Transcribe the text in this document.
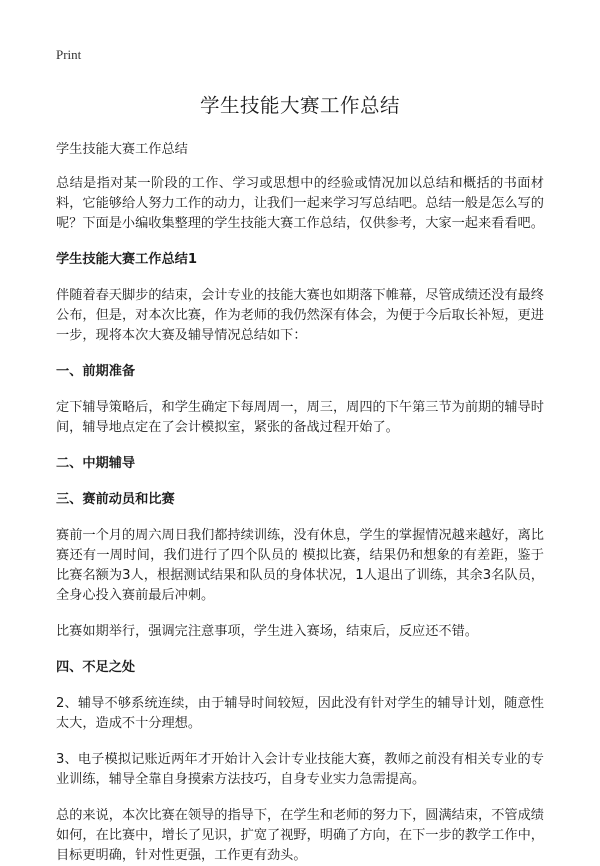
Print
学生技能大赛工作总结

学生技能大赛工作总结

总结是指对某一阶段的工作、学习或思想中的经验或情况加以总结和概括的书面材料，它能够给人努力工作的动力，让我们一起来学习写总结吧。总结一般是怎么写的呢？下面是小编收集整理的学生技能大赛工作总结，仅供参考，大家一起来看看吧。

学生技能大赛工作总结1

伴随着春天脚步的结束，会计专业的技能大赛也如期落下帷幕，尽管成绩还没有最终公布，但是，对本次比赛，作为老师的我仍然深有体会，为便于今后取长补短，更进一步，现将本次大赛及辅导情况总结如下：

一、前期准备

定下辅导策略后，和学生确定下每周周一，周三，周四的下午第三节为前期的辅导时间，辅导地点定在了会计模拟室，紧张的备战过程开始了。

二、中期辅导

三、赛前动员和比赛

赛前一个月的周六周日我们都持续训练，没有休息，学生的掌握情况越来越好，离比赛还有一周时间，我们进行了四个队员的 模拟比赛，结果仍和想象的有差距，鉴于比赛名额为3人，根据测试结果和队员的身体状况，1人退出了训练，其余3名队员，全身心投入赛前最后冲刺。

比赛如期举行，强调完注意事项，学生进入赛场，结束后，反应还不错。

四、不足之处

2、辅导不够系统连续，由于辅导时间较短，因此没有针对学生的辅导计划，随意性太大，造成不十分理想。

3、电子模拟记账近两年才开始计入会计专业技能大赛，教师之前没有相关专业的专业训练，辅导全靠自身摸索方法技巧，自身专业实力急需提高。

总的来说，本次比赛在领导的指导下，在学生和老师的努力下，圆满结束，不管成绩如何，在比赛中，增长了见识，扩宽了视野，明确了方向，在下一步的教学工作中，目标更明确，针对性更强，工作更有劲头。
